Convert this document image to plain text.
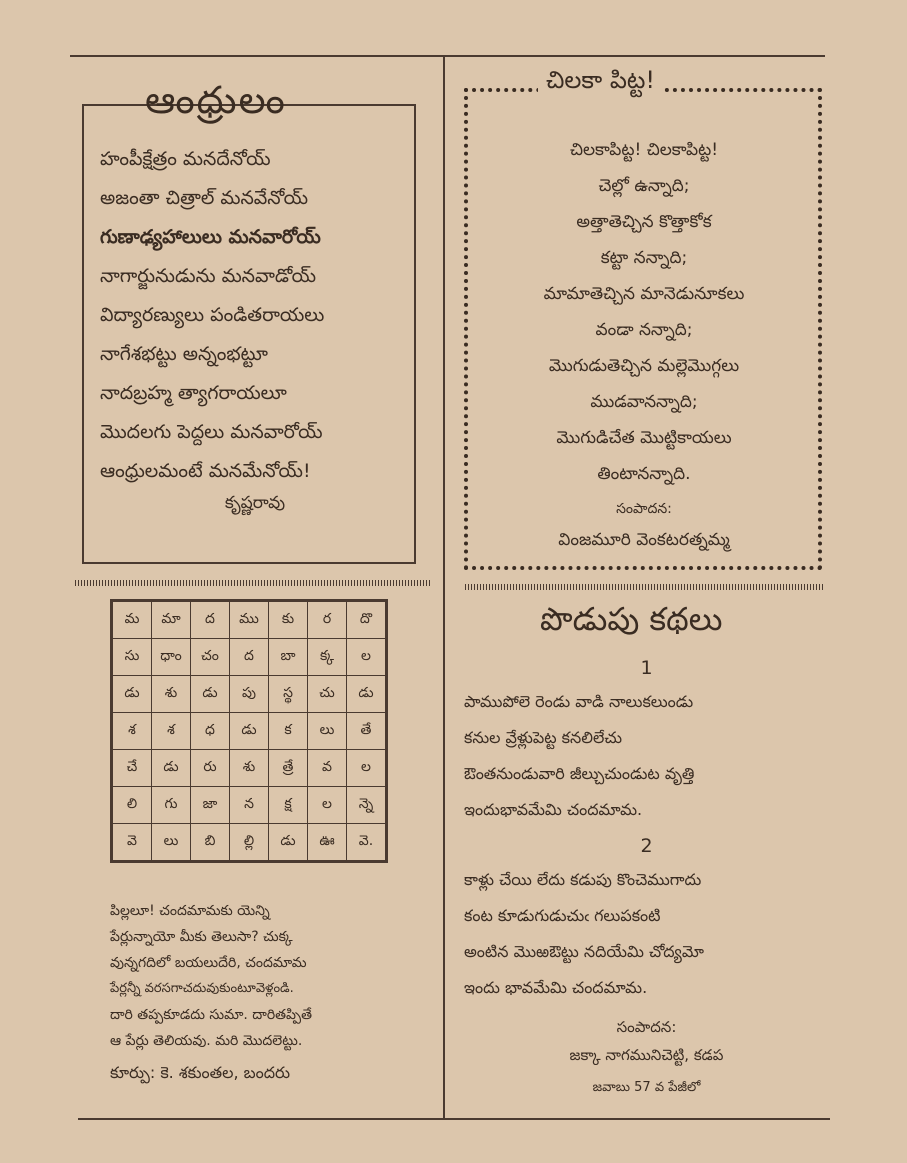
ఆంధ్రులం
హంపీక్షేత్రం మనదేనోయ్
అజంతా చిత్రాల్ మనవేనోయ్
గుణాఢ్యహాలులు మనవారోయ్
నాగార్జునుడును మనవాడోయ్
విద్యారణ్యులు పండితరాయలు
నాగేశభట్టు అన్నంభట్టూ
నాదబ్రహ్మ త్యాగరాయలూ
మొదలగు పెద్దలు మనవారోయ్
ఆంధ్రులమంటే మనమేనోయ్!
కృష్ణరావు
చిలకా పిట్ట!
చిలకాపిట్ట! చిలకాపిట్ట!
చెల్లో ఉన్నాది;
అత్తాతెచ్చిన కొత్తాకోక
కట్టా నన్నాది;
మామాతెచ్చిన మానెడునూకలు
వండా నన్నాది;
మొగుడుతెచ్చిన మల్లెమొగ్గలు
ముడవానన్నాది;
మొగుడిచేత మొట్టికాయలు
తింటానన్నాది.
సంపాదన:
వింజమూరి వెంకటరత్నమ్మ
మ	మా	ద	ము	కు	ర	దొ
సు	ధాం	చం	ద	బా	క్క	ల
డు	శు	డు	పు	స్థ	చు	డు
శ	శ	ధ	డు	క	లు	తే
చే	డు	రు	శు	త్రే	వ	ల
లి	గు	జా	న	క్ష	ల	న్నె
వె	లు	బి	ల్లి	డు	ఊ	వె.
పిల్లలూ! చందమామకు యెన్ని
పేర్లున్నాయో మీకు తెలుసా? చుక్క
వున్నగదిలో బయలుదేరి, చందమామ
పేర్లన్నీ వరసగాచదువుకుంటూవెళ్లండి.
దారి తప్పకూడదు సుమా. దారితప్పితే
ఆ పేర్లు తెలియవు. మరి మొదలెట్టు.
కూర్పు: కె. శకుంతల, బందరు
పొడుపు కథలు
1
పాముపోలె రెండు వాడి నాలుకలుండు
కనుల వ్రేళ్లుపెట్ట కనలిలేచు
ఔంతనుండువారి జీల్చుచుండుట వృత్తి
ఇందుభావమేమి చందమామ.
2
కాళ్లు చేయి లేదు కడుపు కొంచెముగాదు
కంట కూడుగుడుచుఁ గలుపకంటి
అంటిన మొఱఔట్టు నదియేమి చోద్యమో
ఇందు భావమేమి చందమామ.
సంపాదన:
జక్కా నాగమునిచెట్టి, కడప
జవాబు 57 వ పేజీలో
